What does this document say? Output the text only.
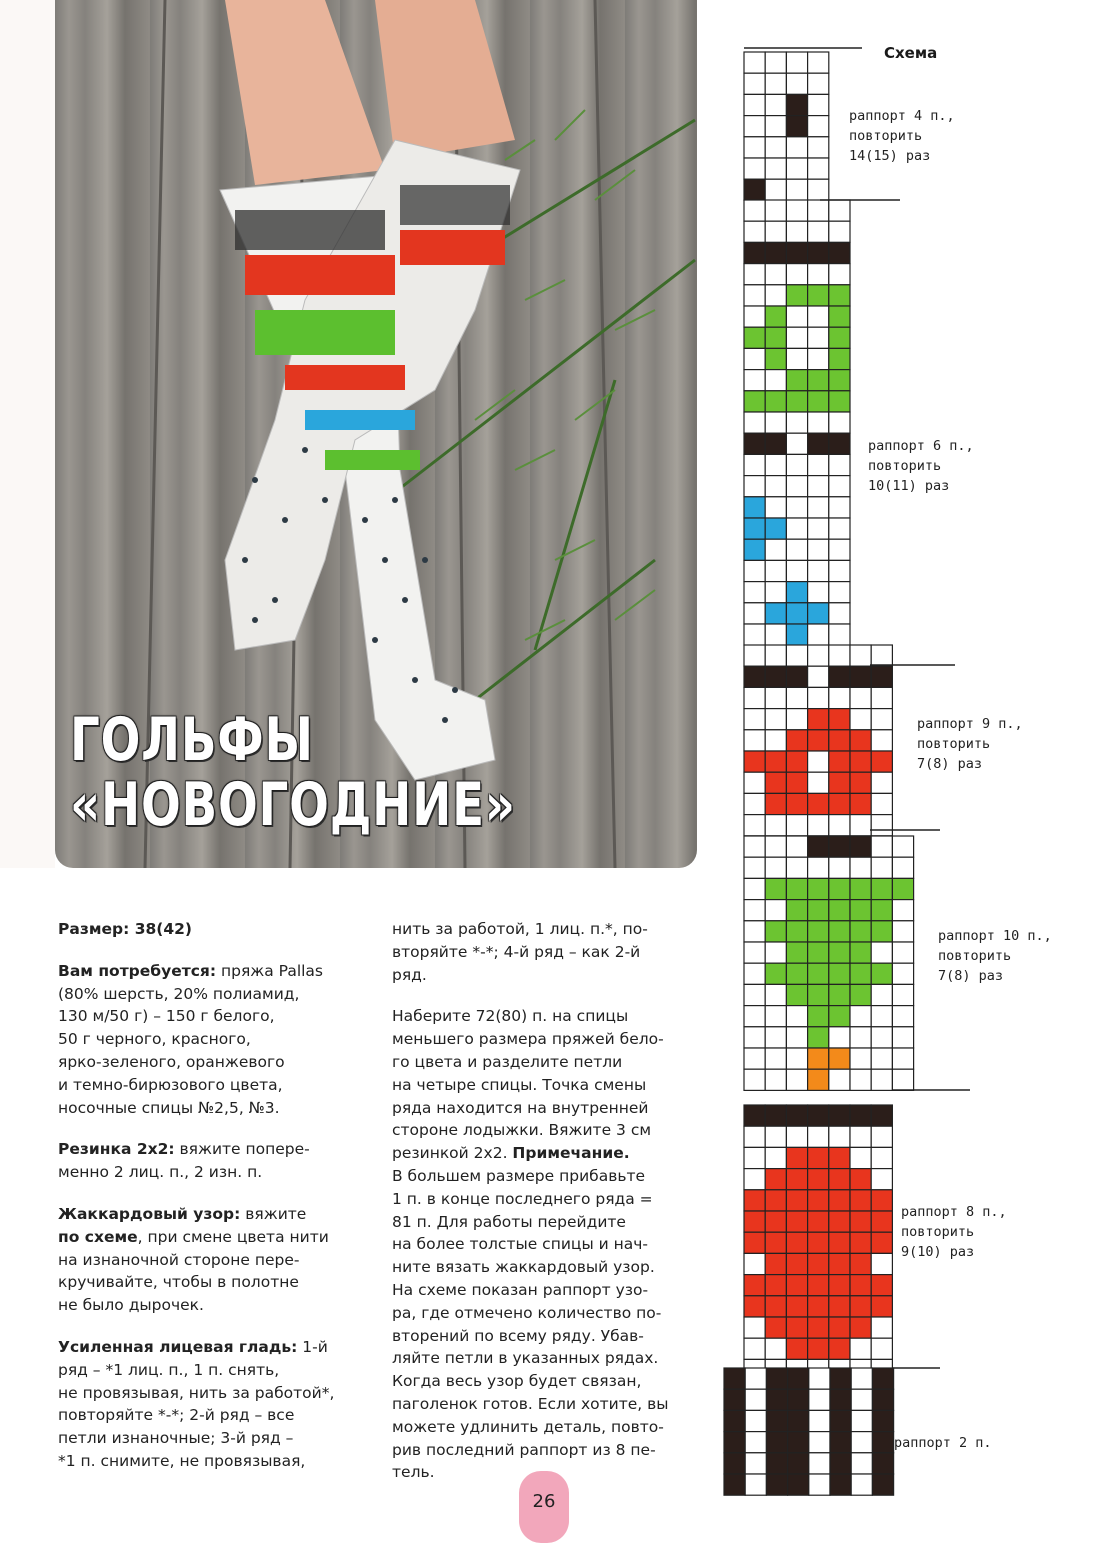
ГОЛЬФЫ
«НОВОГОДНИЕ»
Размер: 38(42)
Вам потребуется: пряжа Pallas
(80% шерсть, 20% полиамид,
130 м/50 г) – 150 г белого,
50 г черного, красного,
ярко-зеленого, оранжевого
и темно-бирюзового цвета,
носочные спицы №2,5, №3.
Резинка 2х2: вяжите попере-
менно 2 лиц. п., 2 изн. п.
Жаккардовый узор: вяжите
по схеме, при смене цвета нити
на изнаночной стороне пере-
кручивайте, чтобы в полотне
не было дырочек.
Усиленная лицевая гладь: 1-й
ряд – *1 лиц. п., 1 п. снять,
не провязывая, нить за работой*,
повторяйте *-*; 2-й ряд – все
петли изнаночные; 3-й ряд –
*1 п. снимите, не провязывая,
нить за работой, 1 лиц. п.*, по-
вторяйте *-*; 4-й ряд – как 2-й
ряд.
Наберите 72(80) п. на спицы
меньшего размера пряжей бело-
го цвета и разделите петли
на четыре спицы. Точка смены
ряда находится на внутренней
стороне лодыжки. Вяжите 3 см
резинкой 2х2. Примечание.
В большем размере прибавьте
1 п. в конце последнего ряда =
81 п. Для работы перейдите
на более толстые спицы и нач-
ните вязать жаккардовый узор.
На схеме показан раппорт узо-
ра, где отмечено количество по-
вторений по всему ряду. Убав-
ляйте петли в указанных рядах.
Когда весь узор будет связан,
паголенок готов. Если хотите, вы
можете удлинить деталь, повто-
рив последний раппорт из 8 пе-
тель.
Схема
раппорт 4 п.,
повторить
14(15) раз
раппорт 6 п.,
повторить
10(11) раз
раппорт 9 п.,
повторить
7(8) раз
раппорт 10 п.,
повторить
7(8) раз
раппорт 8 п.,
повторить
9(10) раз
раппорт 2 п.
26
